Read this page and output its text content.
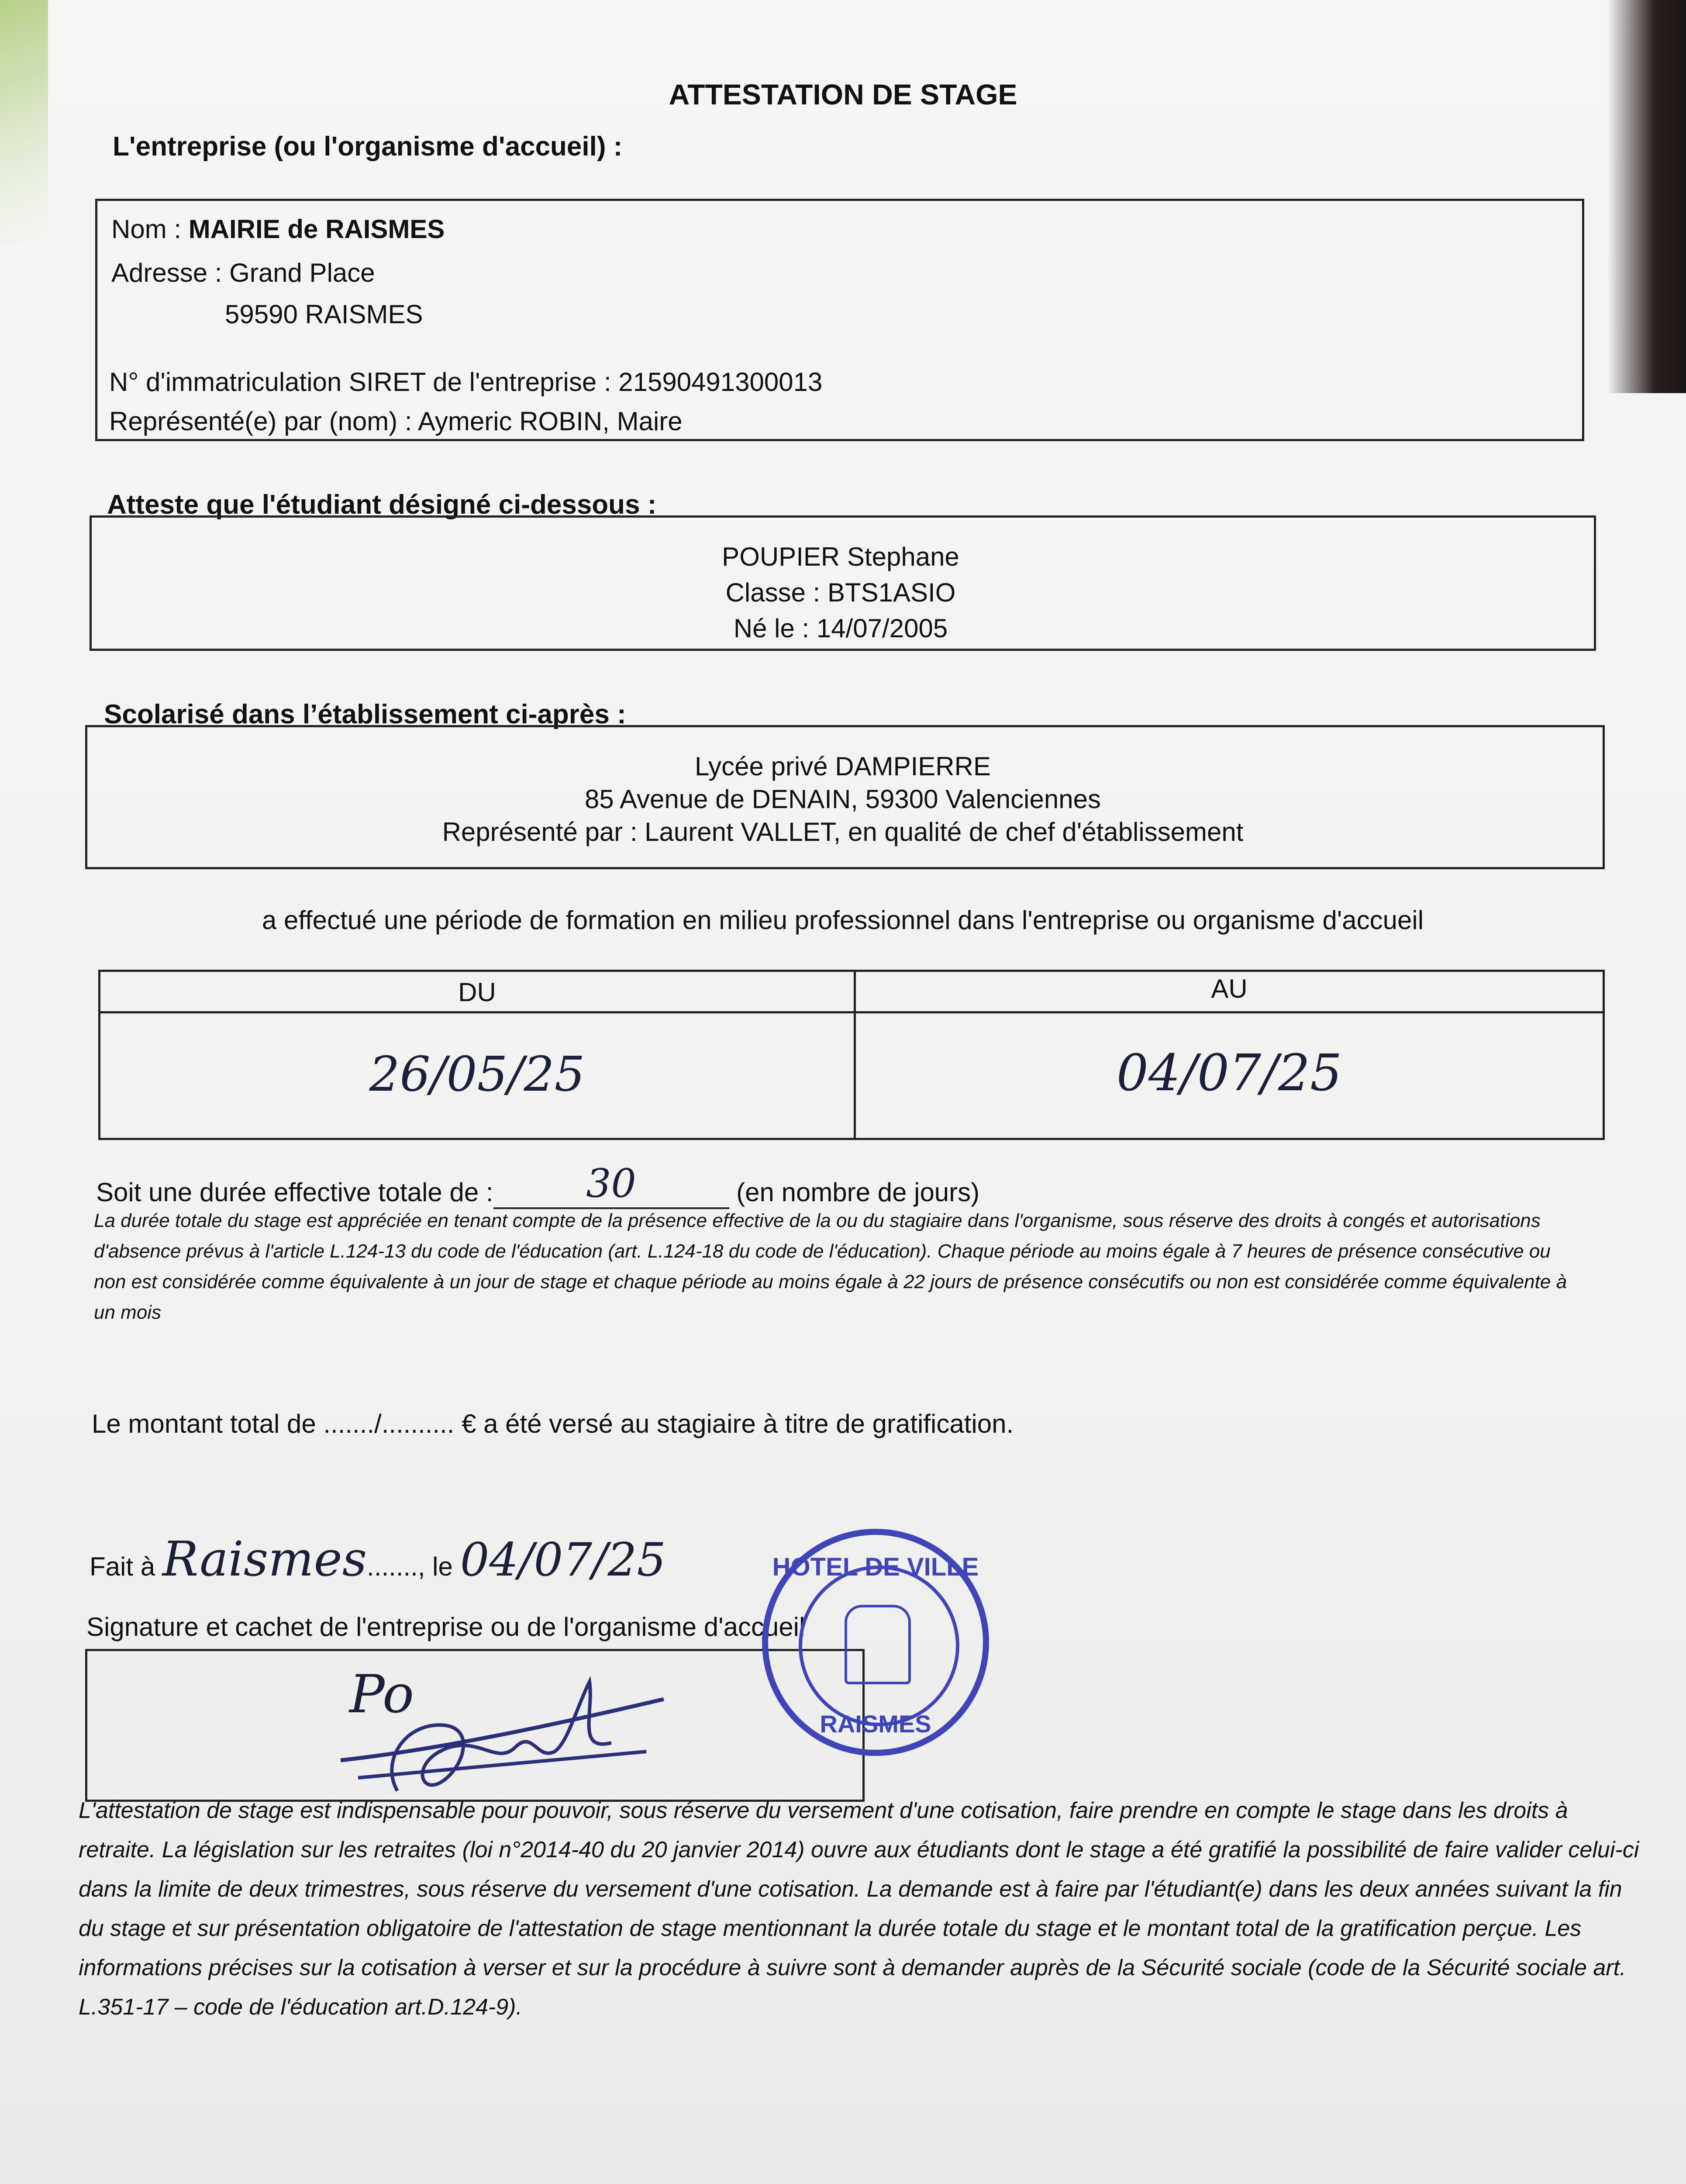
ATTESTATION DE STAGE
L'entreprise (ou l'organisme d'accueil) :
Nom : MAIRIE de RAISMES
Adresse : Grand Place
59590 RAISMES
N° d'immatriculation SIRET de l'entreprise : 21590491300013
Représenté(e) par (nom) : Aymeric ROBIN, Maire
Atteste que l'étudiant désigné ci-dessous :
POUPIER Stephane
Classe : BTS1ASIO
Né le : 14/07/2005
Scolarisé dans l’établissement ci-après :
Lycée privé DAMPIERRE
85 Avenue de DENAIN, 59300 Valenciennes
Représenté par : Laurent VALLET, en qualité de chef d'établissement
a effectué une période de formation en milieu professionnel dans l'entreprise ou organisme d'accueil
DU	AU
26/05/25	04/07/25
Soit une durée effective totale de : 30	(en nombre de jours)
La durée totale du stage est appréciée en tenant compte de la présence effective de la ou du stagiaire dans l'organisme, sous réserve des droits à congés et autorisations d'absence prévus à l'article L.124-13 du code de l'éducation (art. L.124-18 du code de l'éducation). Chaque période au moins égale à 7 heures de présence consécutive ou non est considérée comme équivalente à un jour de stage et chaque période au moins égale à 22 jours de présence consécutifs ou non est considérée comme équivalente à un mois
Le montant total de ......./.......... € a été versé au stagiaire à titre de gratification.
Fait à Raismes......., le 04/07/25
Signature et cachet de l'entreprise ou de l'organisme d'accueil
Po
HOTEL DE VILLE
RAISMES
L'attestation de stage est indispensable pour pouvoir, sous réserve du versement d'une cotisation, faire prendre en compte le stage dans les droits à retraite. La législation sur les retraites (loi n°2014-40 du 20 janvier 2014) ouvre aux étudiants dont le stage a été gratifié la possibilité de faire valider celui-ci dans la limite de deux trimestres, sous réserve du versement d'une cotisation. La demande est à faire par l'étudiant(e) dans les deux années suivant la fin du stage et sur présentation obligatoire de l'attestation de stage mentionnant la durée totale du stage et le montant total de la gratification perçue. Les informations précises sur la cotisation à verser et sur la procédure à suivre sont à demander auprès de la Sécurité sociale (code de la Sécurité sociale art. L.351-17 – code de l'éducation art.D.124-9).
